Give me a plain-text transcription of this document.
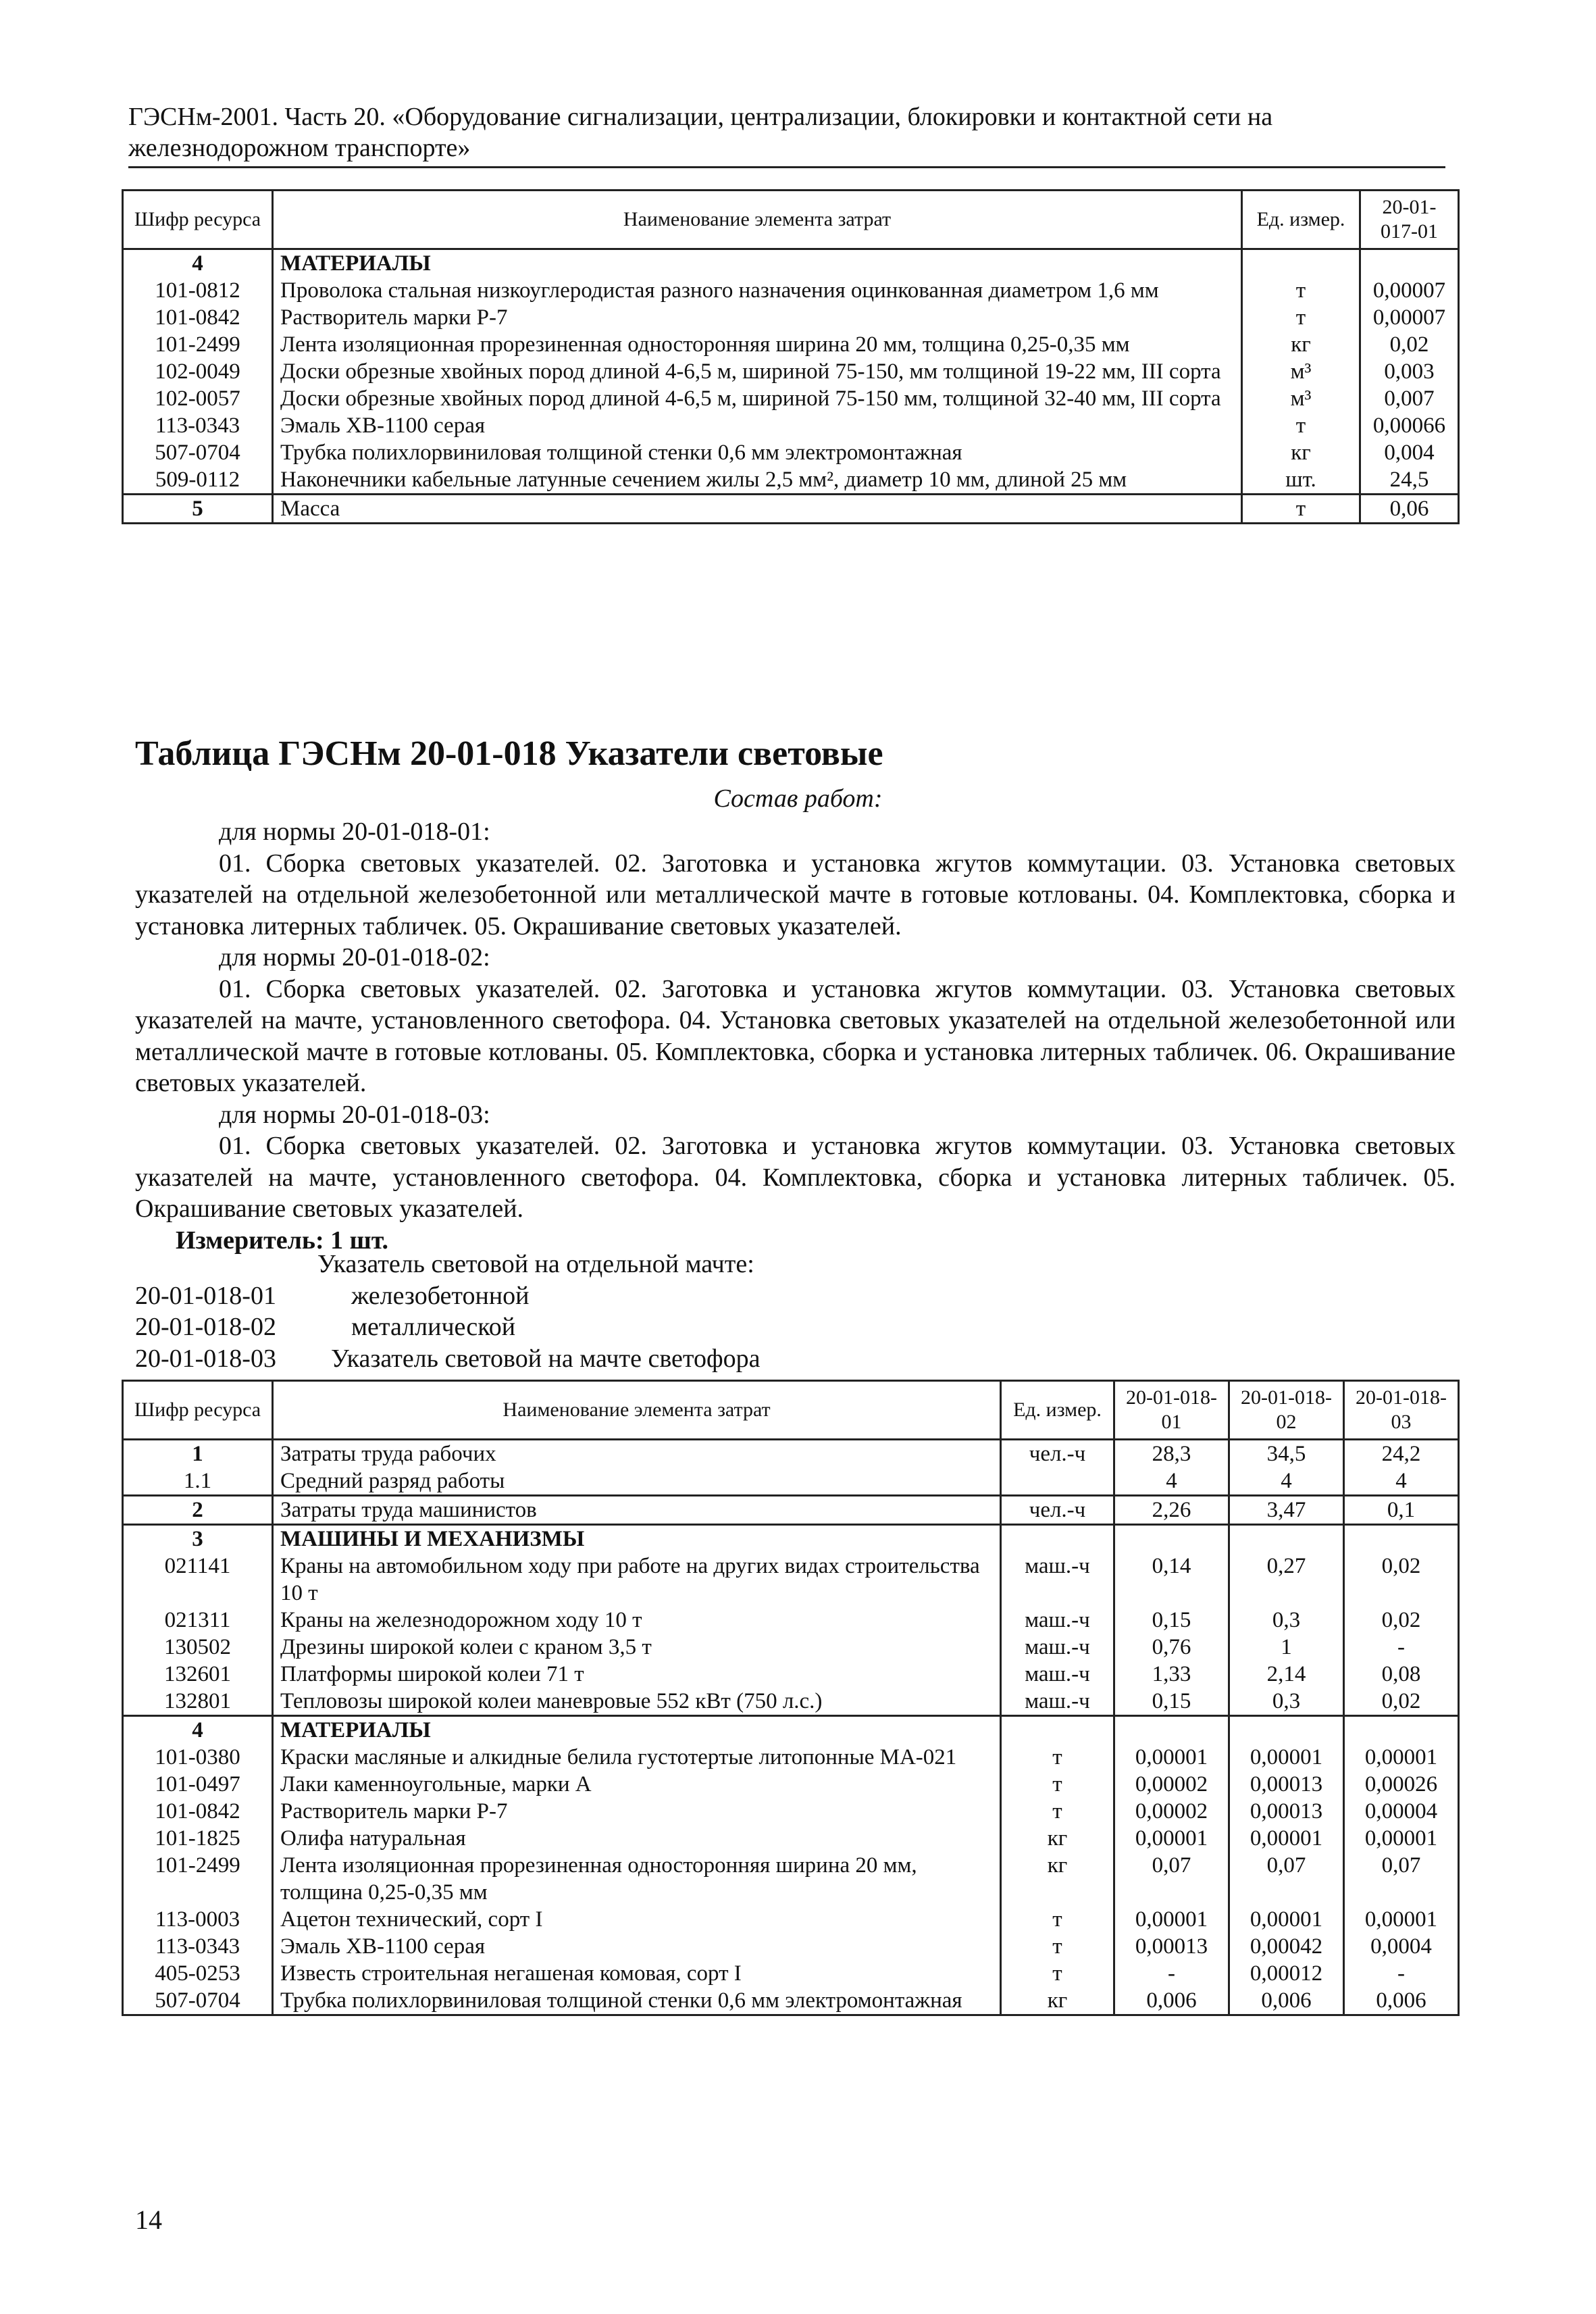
ГЭСНм-2001. Часть 20. «Оборудование сигнализации, централизации, блокировки и контактной сети на
железнодорожном транспорте»
Шифр ресурса	Наименование элемента затрат	Ед. измер.	20-01-017-01
4	МАТЕРИАЛЫ		
101-0812	Проволока стальная низкоуглеродистая разного назначения оцинкованная диаметром 1,6 мм	т	0,00007
101-0842	Растворитель марки Р-7	т	0,00007
101-2499	Лента изоляционная прорезиненная односторонняя ширина 20 мм, толщина 0,25-0,35 мм	кг	0,02
102-0049	Доски обрезные хвойных пород длиной 4-6,5 м, шириной 75-150, мм толщиной 19-22 мм, III сорта	м³	0,003
102-0057	Доски обрезные хвойных пород длиной 4-6,5 м, шириной 75-150 мм, толщиной 32-40 мм, III сорта	м³	0,007
113-0343	Эмаль ХВ-1100 серая	т	0,00066
507-0704	Трубка полихлорвиниловая толщиной стенки 0,6 мм электромонтажная	кг	0,004
509-0112	Наконечники кабельные латунные сечением жилы 2,5 мм², диаметр 10 мм, длиной 25 мм	шт.	24,5
5	Масса	т	0,06
Таблица ГЭСНм 20-01-018 Указатели световые
Состав работ:

для нормы 20-01-018-01:

01. Сборка световых указателей. 02. Заготовка и установка жгутов коммутации. 03. Установка световых указателей на отдельной железобетонной или металлической мачте в готовые котлованы. 04. Комплектовка, сборка и установка литерных табличек. 05. Окрашивание световых указателей.

для нормы 20-01-018-02:

01. Сборка световых указателей. 02. Заготовка и установка жгутов коммутации. 03. Установка световых указателей на мачте, установленного светофора. 04. Установка световых указателей на отдельной железобетонной или металлической мачте в готовые котлованы. 05. Комплектовка, сборка и установка литерных табличек. 06. Окрашивание световых указателей.

для нормы 20-01-018-03:

01. Сборка световых указателей. 02. Заготовка и установка жгутов коммутации. 03. Установка световых указателей на мачте, установленного светофора. 04. Комплектовка, сборка и установка литерных табличек. 05. Окрашивание световых указателей.

Измеритель: 1 шт.

Указатель световой на отдельной мачте:
20-01-018-01	железобетонной
20-01-018-02	металлической
20-01-018-03	Указатель световой на мачте светофора
Шифр ресурса	Наименование элемента затрат	Ед. измер.	20-01-018-01	20-01-018-02	20-01-018-03
1	Затраты труда рабочих	чел.-ч	28,3	34,5	24,2
1.1	Средний разряд работы		4	4	4
2	Затраты труда машинистов	чел.-ч	2,26	3,47	0,1
3	МАШИНЫ И МЕХАНИЗМЫ				
021141	Краны на автомобильном ходу при работе на других видах строительства 10 т	маш.-ч	0,14	0,27	0,02
021311	Краны на железнодорожном ходу 10 т	маш.-ч	0,15	0,3	0,02
130502	Дрезины широкой колеи с краном 3,5 т	маш.-ч	0,76	1	-
132601	Платформы широкой колеи 71 т	маш.-ч	1,33	2,14	0,08
132801	Тепловозы широкой колеи маневровые 552 кВт (750 л.с.)	маш.-ч	0,15	0,3	0,02
4	МАТЕРИАЛЫ				
101-0380	Краски масляные и алкидные белила густотертые литопонные МА-021	т	0,00001	0,00001	0,00001
101-0497	Лаки каменноугольные, марки А	т	0,00002	0,00013	0,00026
101-0842	Растворитель марки Р-7	т	0,00002	0,00013	0,00004
101-1825	Олифа натуральная	кг	0,00001	0,00001	0,00001
101-2499	Лента изоляционная прорезиненная односторонняя ширина 20 мм, толщина 0,25-0,35 мм	кг	0,07	0,07	0,07
113-0003	Ацетон технический, сорт I	т	0,00001	0,00001	0,00001
113-0343	Эмаль ХВ-1100 серая	т	0,00013	0,00042	0,0004
405-0253	Известь строительная негашеная комовая, сорт I	т	-	0,00012	-
507-0704	Трубка полихлорвиниловая толщиной стенки 0,6 мм электромонтажная	кг	0,006	0,006	0,006
14
